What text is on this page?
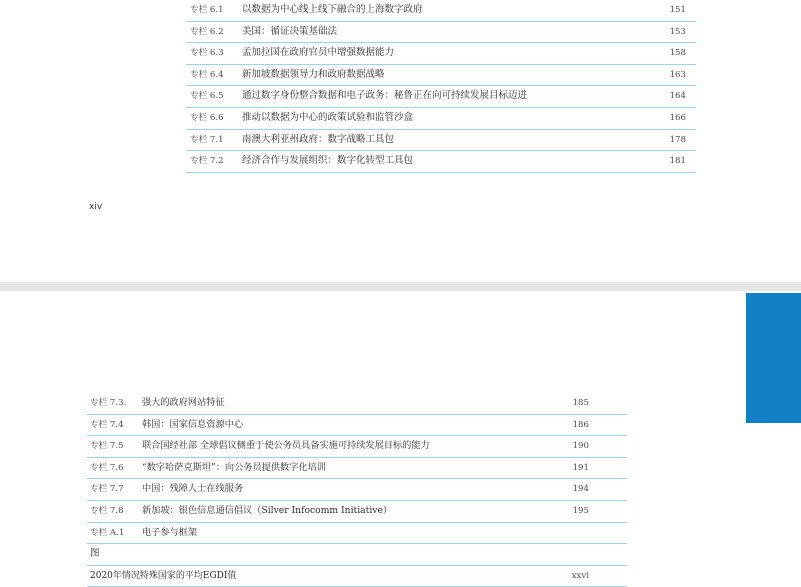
专栏 6.1	以数据为中心线上线下融合的上海数字政府	151
专栏 6.2	美国：循证决策基础法	153
专栏 6.3	孟加拉国在政府官员中增强数据能力	158
专栏 6.4	新加坡数据领导力和政府数据战略	163
专栏 6.5	通过数字身份整合数据和电子政务：秘鲁正在向可持续发展目标迈进	164
专栏 6.6	推动以数据为中心的政策试验和监管沙盒	166
专栏 7.1	南澳大利亚州政府：数字战略工具包	178
专栏 7.2	经济合作与发展组织：数字化转型工具包	181
xiv
专栏 7.3.	强大的政府网站特征	185
专栏 7.4	韩国：国家信息资源中心	186
专栏 7.5	联合国经社部 全球倡议侧重于使公务员具备实施可持续发展目标的能力	190
专栏 7.6	“数字哈萨克斯坦”：向公务员提供数字化培训	191
专栏 7.7	中国：残障人士在线服务	194
专栏 7.8	新加坡：银色信息通信倡议（Silver Infocomm Initiative）	195
专栏 A.1	电子参与框架
图
2020年情况特殊国家的平均EGDI值	xxvi
